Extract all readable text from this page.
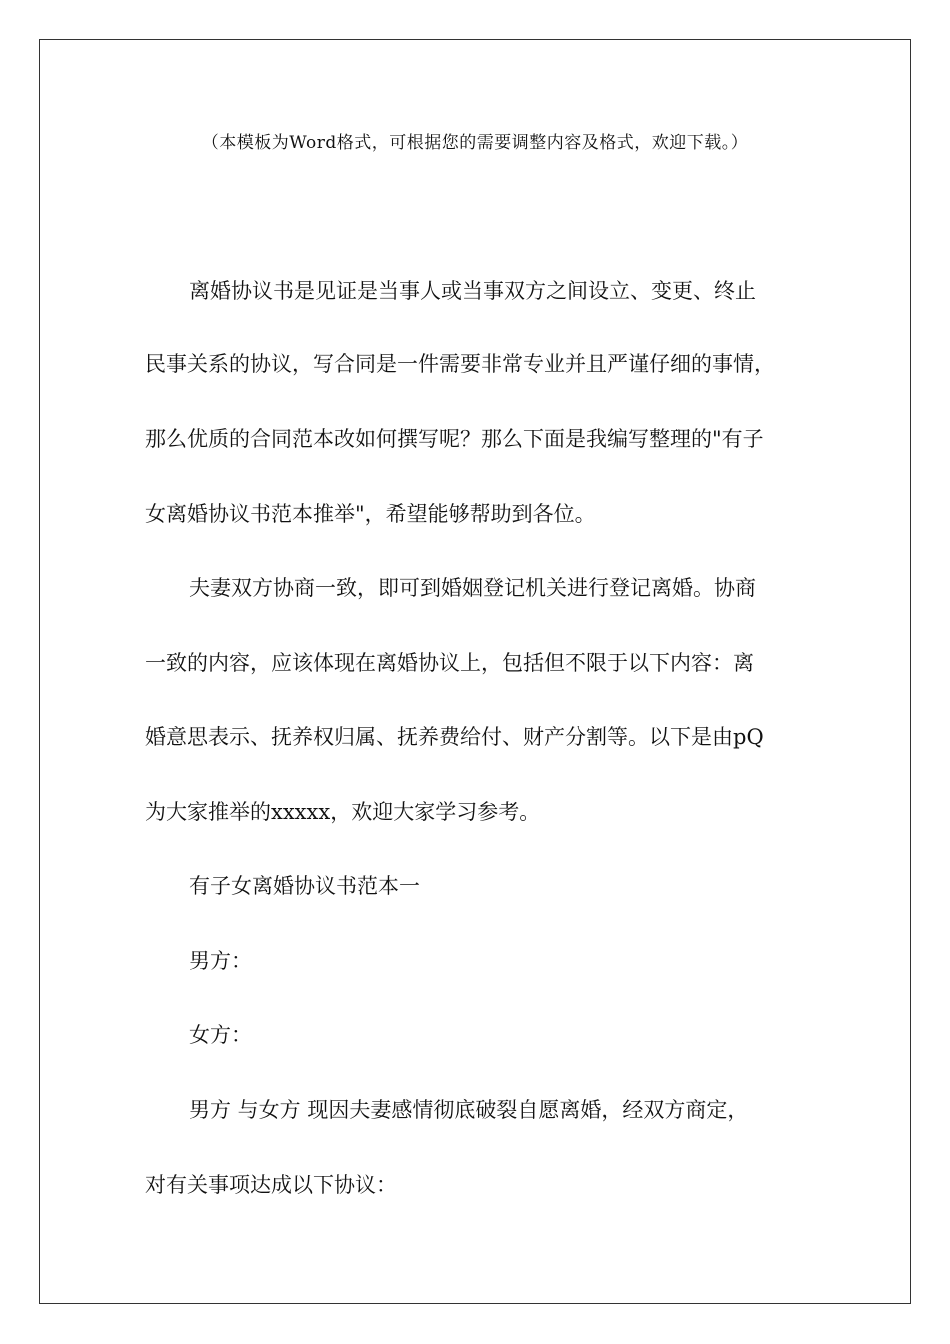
（本模板为Word格式，可根据您的需要调整内容及格式，欢迎下载。）
离婚协议书是见证是当事人或当事双方之间设立、变更、终止
民事关系的协议，写合同是一件需要非常专业并且严谨仔细的事情，
那么优质的合同范本改如何撰写呢？那么下面是我编写整理的"有子
女离婚协议书范本推举"，希望能够帮助到各位。
夫妻双方协商一致，即可到婚姻登记机关进行登记离婚。协商
一致的内容，应该体现在离婚协议上，包括但不限于以下内容：离
婚意思表示、抚养权归属、抚养费给付、财产分割等。以下是由pQ
为大家推举的xxxxx，欢迎大家学习参考。
有子女离婚协议书范本一
男方：
女方：
男方 与女方 现因夫妻感情彻底破裂自愿离婚，经双方商定，
对有关事项达成以下协议：
